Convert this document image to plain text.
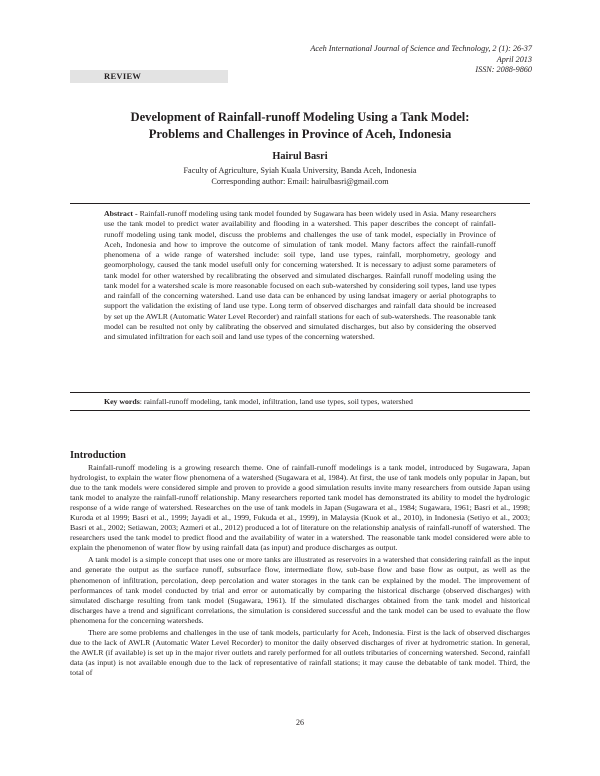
Aceh International Journal of Science and Technology, 2 (1): 26-37
April 2013
ISSN: 2088-9860
REVIEW
Development of Rainfall-runoff Modeling Using a Tank Model:
Problems and Challenges in Province of Aceh, Indonesia
Hairul Basri
Faculty of Agriculture, Syiah Kuala University, Banda Aceh, Indonesia
Corresponding author: Email: hairulbasri@gmail.com
Abstract - Rainfall-runoff modeling using tank model founded by Sugawara has been widely used in Asia. Many researchers use the tank model to predict water availability and flooding in a watershed. This paper describes the concept of rainfall-runoff modeling using tank model, discuss the problems and challenges the use of tank model, especially in Province of Aceh, Indonesia and how to improve the outcome of simulation of tank model. Many factors affect the rainfall-runoff phenomena of a wide range of watershed include: soil type, land use types, rainfall, morphometry, geology and geomorphology, caused the tank model usefull only for concerning watershed. It is necessary to adjust some parameters of tank model for other watershed by recalibrating the observed and simulated discharges. Rainfall runoff modeling using the tank model for a watershed scale is more reasonable focused on each sub-watershed by considering soil types, land use types and rainfall of the concerning watershed. Land use data can be enhanced by using landsat imagery or aerial photographs to support the validation the existing of land use type. Long term of observed discharges and rainfall data should be increased by set up the AWLR (Automatic Water Level Recorder) and rainfall stations for each of sub-watersheds. The reasonable tank model can be resulted not only by calibrating the observed and simulated discharges, but also by considering the observed and simulated infiltration for each soil and land use types of the concerning watershed.
Key words: rainfall-runoff modeling, tank model, infiltration, land use types, soil types, watershed
Introduction

Rainfall-runoff modeling is a growing research theme. One of rainfall-runoff modelings is a tank model, introduced by Sugawara, Japan hydrologist, to explain the water flow phenomena of a watershed (Sugawara et al, 1984). At first, the use of tank models only popular in Japan, but due to the tank models were considered simple and proven to provide a good simulation results invite many researchers from outside Japan using tank model to analyze the rainfall-runoff relationship. Many researchers reported tank model has demonstrated its ability to model the hydrologic response of a wide range of watershed. Researches on the use of tank models in Japan (Sugawara et al., 1984; Sugawara, 1961; Basri et al., 1998; Kuroda et al 1999; Basri et al., 1999; Jayadi et al., 1999, Fukuda et al., 1999), in Malaysia (Kuok et al., 2010), in Indonesia (Setiyo et al., 2003; Basri et al., 2002; Setiawan, 2003; Azmeri et al., 2012) produced a lot of literature on the relationship analysis of rainfall-runoff of watershed. The researchers used the tank model to predict flood and the availability of water in a watershed. The reasonable tank model considered were able to explain the phenomenon of water flow by using rainfall data (as input) and produce discharges as output.

A tank model is a simple concept that uses one or more tanks are illustrated as reservoirs in a watershed that considering rainfall as the input and generate the output as the surface runoff, subsurface flow, intermediate flow, sub-base flow and base flow as output, as well as the phenomenon of infiltration, percolation, deep percolation and water storages in the tank can be explained by the model. The improvement of performances of tank model conducted by trial and error or automatically by comparing the historical discharge (observed discharges) with simulated discharge resulting from tank model (Sugawara, 1961). If the simulated discharges obtained from the tank model and historical discharges have a trend and significant correlations, the simulation is considered successful and the tank model can be used to evaluate the flow phenomena for the concerning watersheds.

There are some problems and challenges in the use of tank models, particularly for Aceh, Indonesia. First is the lack of observed discharges due to the lack of AWLR (Automatic Water Level Recorder) to monitor the daily observed discharges of river at hydrometric station. In general, the AWLR (if available) is set up in the major river outlets and rarely performed for all outlets tributaries of concerning watershed. Second, rainfall data (as input) is not available enough due to the lack of representative of rainfall stations; it may cause the debatable of tank model. Third, the total of

26
